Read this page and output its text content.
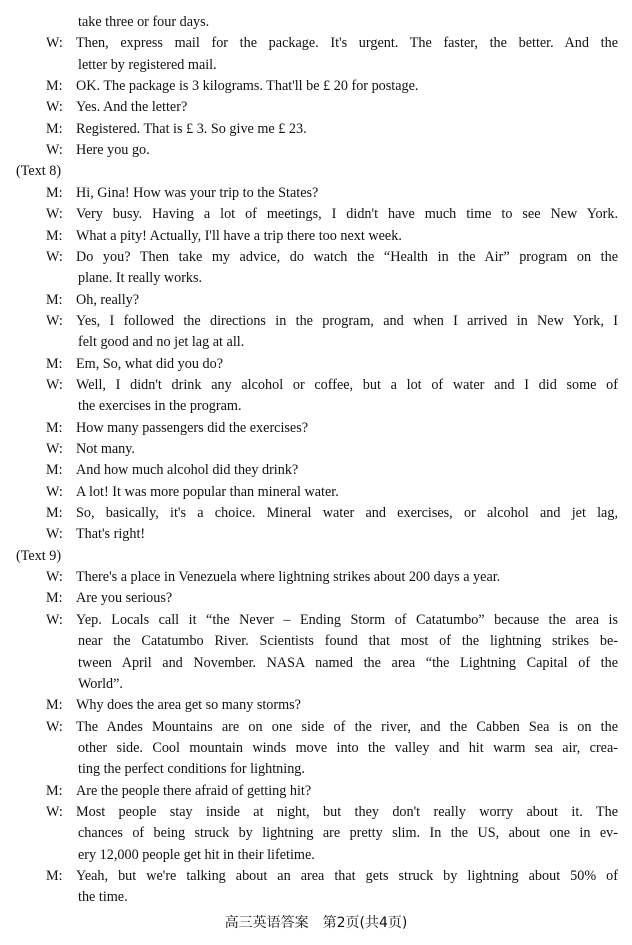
take three or four days.
W: Then, express mail for the package. It's urgent. The faster, the better. And the
letter by registered mail.
M: OK. The package is 3 kilograms. That'll be £ 20 for postage.
W: Yes. And the letter?
M: Registered. That is £ 3. So give me £ 23.
W: Here you go.
(Text 8)
M: Hi, Gina! How was your trip to the States?
W: Very busy. Having a lot of meetings, I didn't have much time to see New York.
M: What a pity! Actually, I'll have a trip there too next week.
W: Do you? Then take my advice, do watch the “Health in the Air” program on the
plane. It really works.
M: Oh, really?
W: Yes, I followed the directions in the program, and when I arrived in New York, I
felt good and no jet lag at all.
M: Em, So, what did you do?
W: Well, I didn't drink any alcohol or coffee, but a lot of water and I did some of
the exercises in the program.
M: How many passengers did the exercises?
W: Not many.
M: And how much alcohol did they drink?
W: A lot! It was more popular than mineral water.
M: So, basically, it's a choice. Mineral water and exercises, or alcohol and jet lag,
W: That's right!
(Text 9)
W: There's a place in Venezuela where lightning strikes about 200 days a year.
M: Are you serious?
W: Yep. Locals call it “the Never – Ending Storm of Catatumbo” because the area is
near the Catatumbo River. Scientists found that most of the lightning strikes be-
tween April and November. NASA named the area “the Lightning Capital of the
World”.
M: Why does the area get so many storms?
W: The Andes Mountains are on one side of the river, and the Cabben Sea is on the
other side. Cool mountain winds move into the valley and hit warm sea air, crea-
ting the perfect conditions for lightning.
M: Are the people there afraid of getting hit?
W: Most people stay inside at night, but they don't really worry about it. The
chances of being struck by lightning are pretty slim. In the US, about one in ev-
ery 12,000 people get hit in their lifetime.
M: Yeah, but we're talking about an area that gets struck by lightning about 50% of
the time.
高三英语答案　第2页(共4页)
